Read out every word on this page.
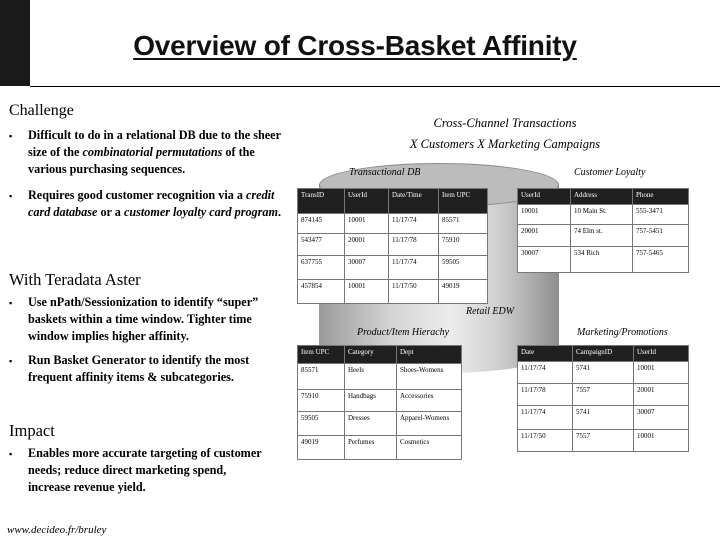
Overview of Cross-Basket Affinity
Challenge
▪ Difficult to do in a relational DB due to the sheer size of the combinatorial permutations of the various purchasing sequences.
▪ Requires good customer recognition via a credit card database or a customer loyalty card program.
With Teradata Aster
▪ Use nPath/Sessionization to identify “super” baskets within a time window. Tighter time window implies higher affinity.
▪ Run Basket Generator to identify the most frequent affinity items & subcategories.
Impact
▪ Enables more accurate targeting of customer needs; reduce direct marketing spend, increase revenue yield.
www.decideo.fr/bruley
Cross-Channel Transactions
X Customers X Marketing Campaigns
Retail EDW
Transactional DB	Customer Loyalty
Product/Item Hierachy	Marketing/Promotions
TransID	UserId	Date/Time	Item UPC
874145	10001	11/17/74	85571
543477	20001	11/17/78	75910
637755	30007	11/17/74	59505
457854	10001	11/17/50	49019
UserId	Address	Phone
10001	10 Main St.	555-3471
20001	74 Elm st.	757-5451
30007	534 Rich	757-5465
Item UPC	Category	Dept
85571	Heels	Shoes-Womens
75910	Handbags	Accessories
59505	Dresses	Apparel-Womens
49019	Perfumes	Cosmetics
Date	CampaignID	UserId
11/17/74	5741	10001
11/17/78	7557	20001
11/17/74	5741	30007
11/17/50	7557	10001
